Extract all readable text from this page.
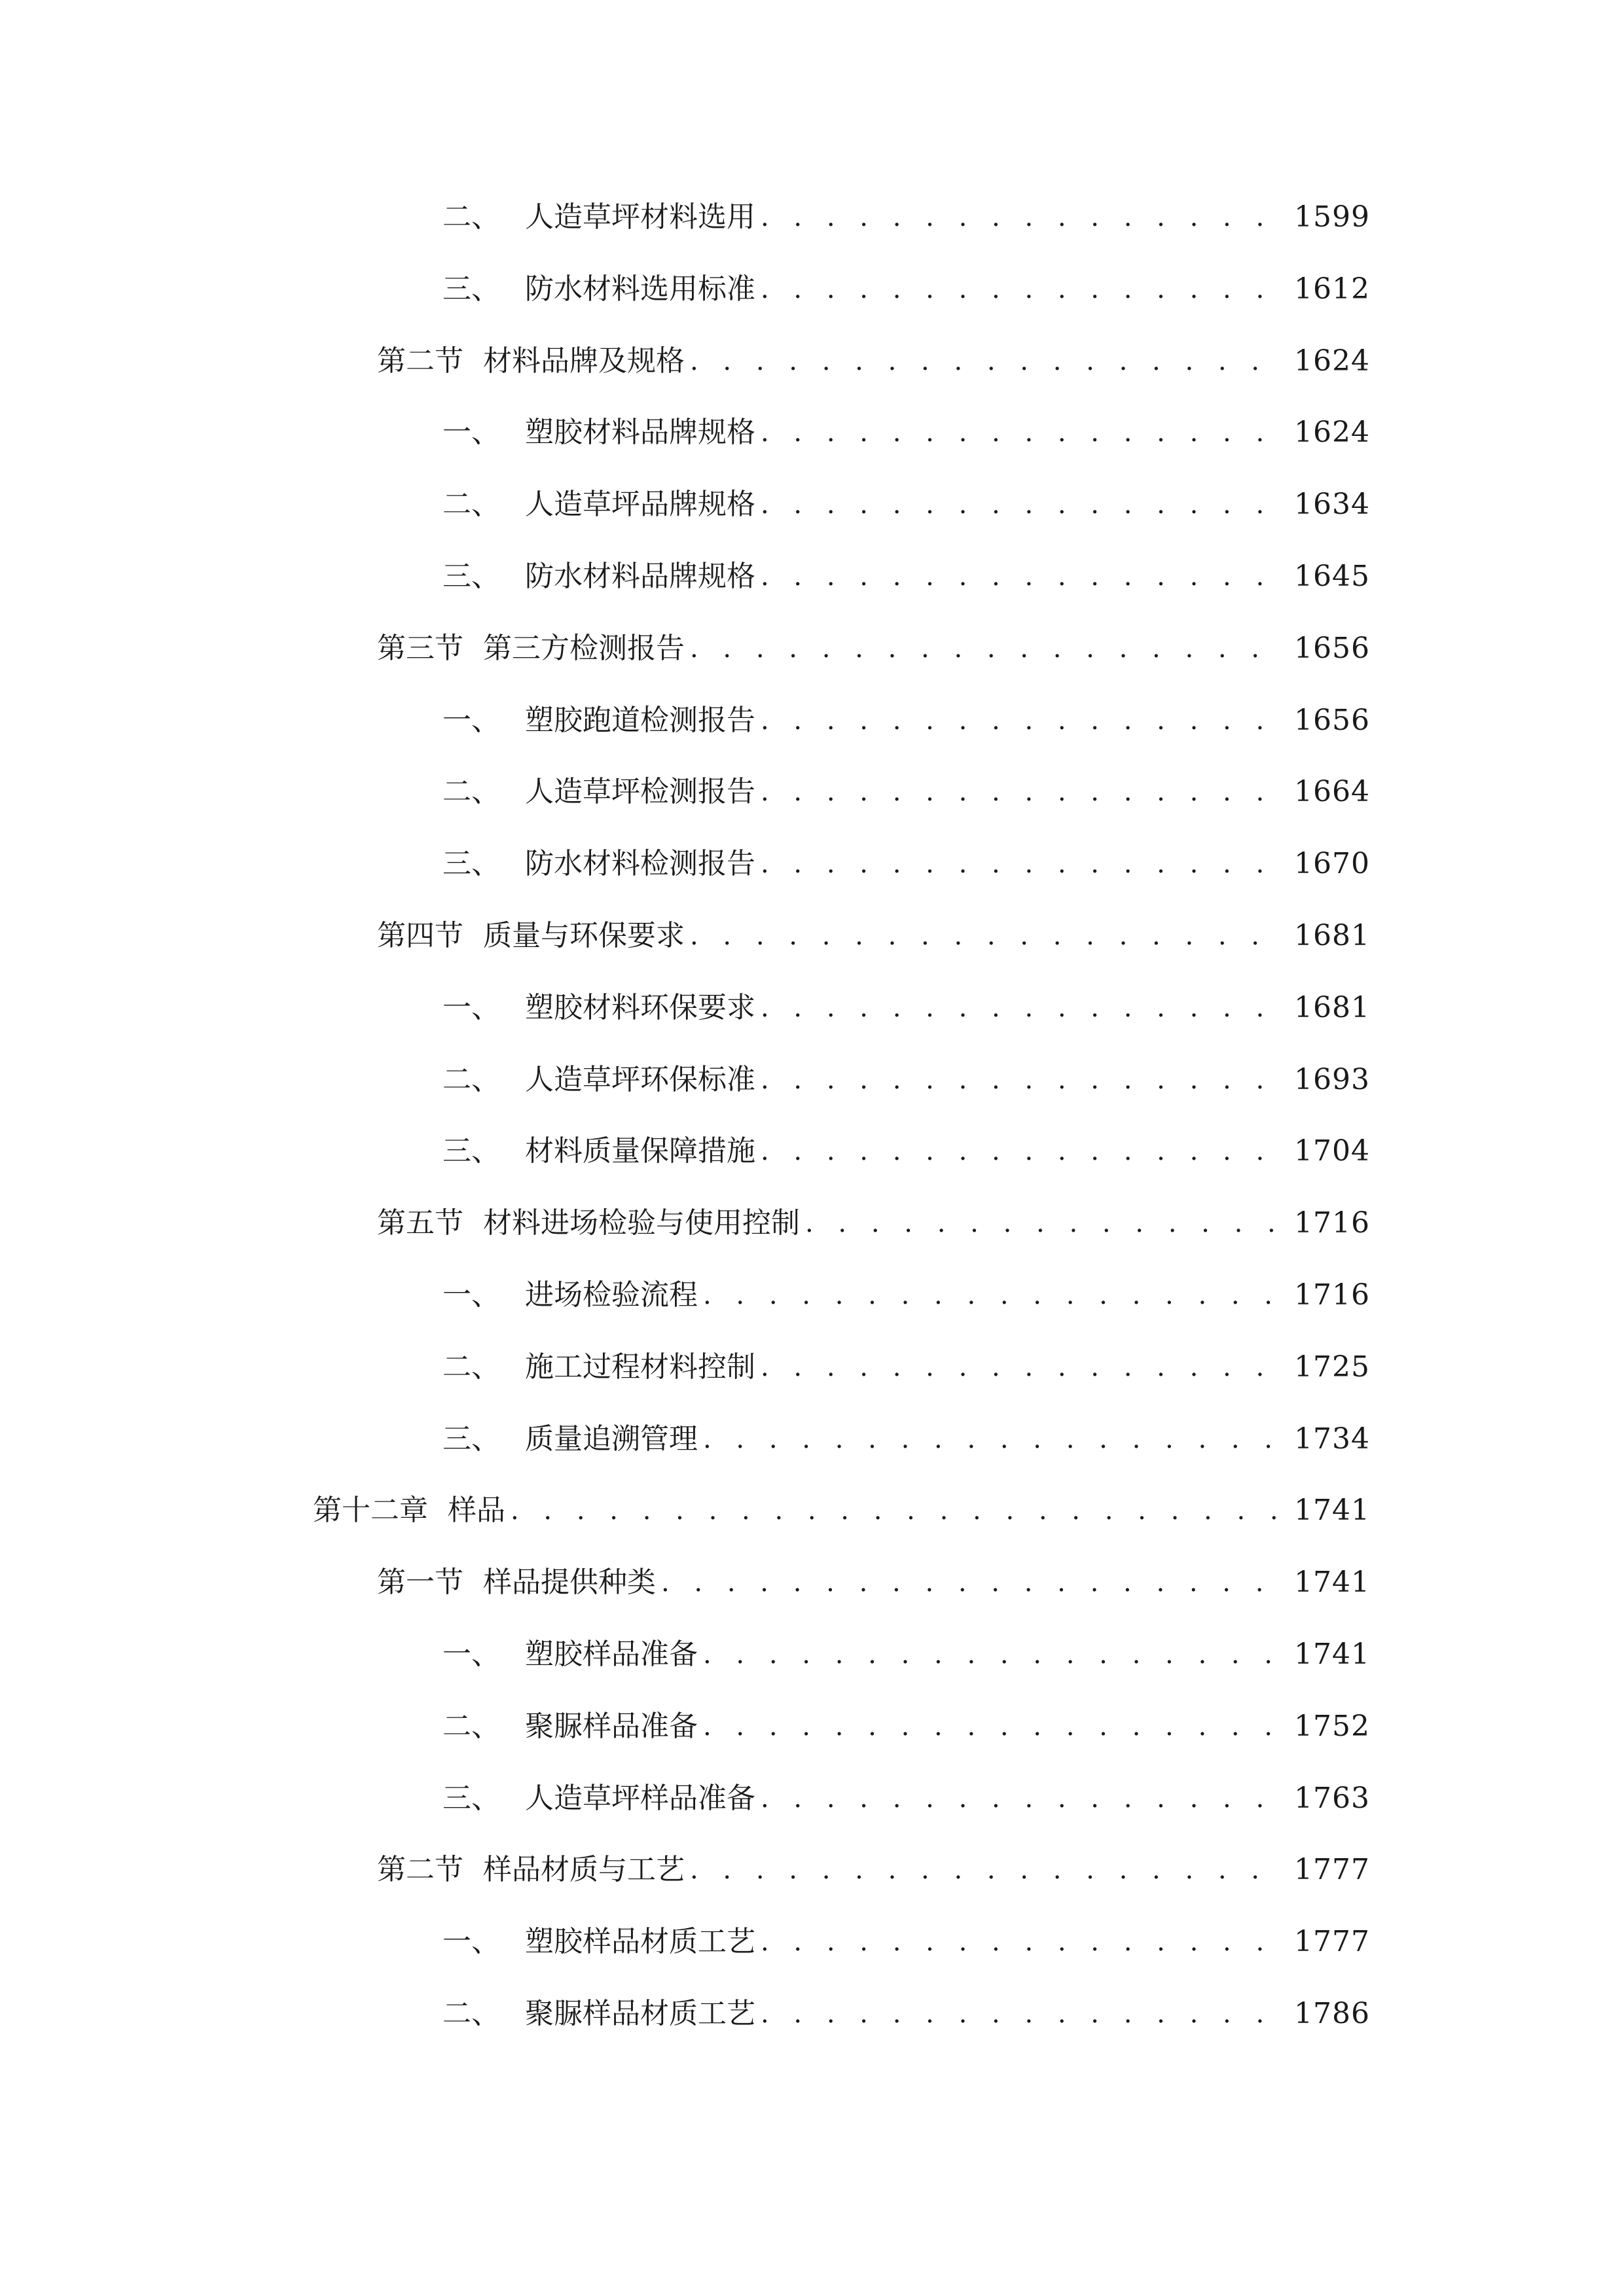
二、 人造草坪材料选用 . . .	1599
三、 防水材料选用标准 . . .	1612
第二节 材料品牌及规格 . . .	1624
一、 塑胶材料品牌规格 . . .	1624
二、 人造草坪品牌规格 . . .	1634
三、 防水材料品牌规格 . . .	1645
第三节 第三方检测报告 . . .	1656
一、 塑胶跑道检测报告 . . .	1656
二、 人造草坪检测报告 . . .	1664
三、 防水材料检测报告 . . .	1670
第四节 质量与环保要求 . . .	1681
一、 塑胶材料环保要求 . . .	1681
二、 人造草坪环保标准 . . .	1693
三、 材料质量保障措施 . . .	1704
第五节 材料进场检验与使用控制 . . .	1716
一、 进场检验流程 . . .	1716
二、 施工过程材料控制 . . .	1725
三、 质量追溯管理 . . .	1734
第十二章 样品 . . .	1741
第一节 样品提供种类 . . .	1741
一、 塑胶样品准备 . . .	1741
二、 聚脲样品准备 . . .	1752
三、 人造草坪样品准备 . . .	1763
第二节 样品材质与工艺 . . .	1777
一、 塑胶样品材质工艺 . . .	1777
二、 聚脲样品材质工艺 . . .	1786
